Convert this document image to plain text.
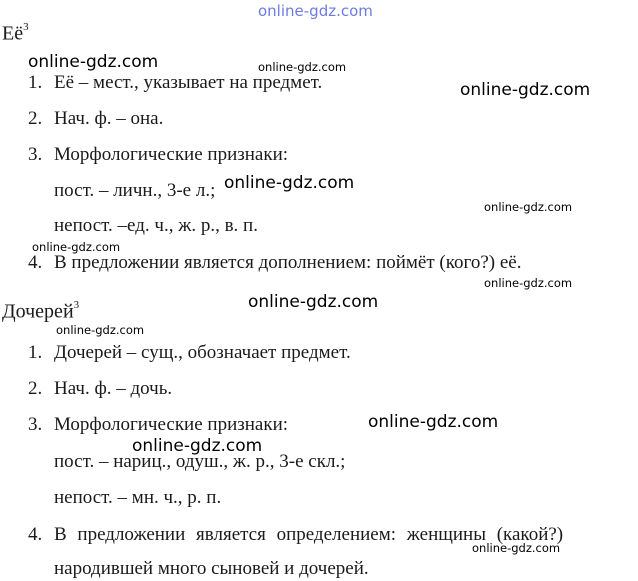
$Её^3$
1. Её – мест., указывает на предмет.
2. Нач. ф. – она.
3. Морфологические признаки:
пост. – личн., 3-е л.;
непост. –ед. ч., ж. р., в. п.
4. В предложении является дополнением: поймёт (кого?) её.
Дочерей$^3$
1. Дочерей – сущ., обозначает предмет.
2. Нач. ф. – дочь.
3. Морфологические признаки:
пост. – нариц., одуш., ж. р., 3-е скл.;
непост. – мн. ч., р. п.
4. В предложении является определением: женщины (какой?)
народившей много сыновей и дочерей.
online-gdz.com
online-gdz.com	online-gdz.com
online-gdz.com
online-gdz.com
online-gdz.com
online-gdz.com
online-gdz.com
online-gdz.com
online-gdz.com
online-gdz.com
online-gdz.com
online-gdz.com
